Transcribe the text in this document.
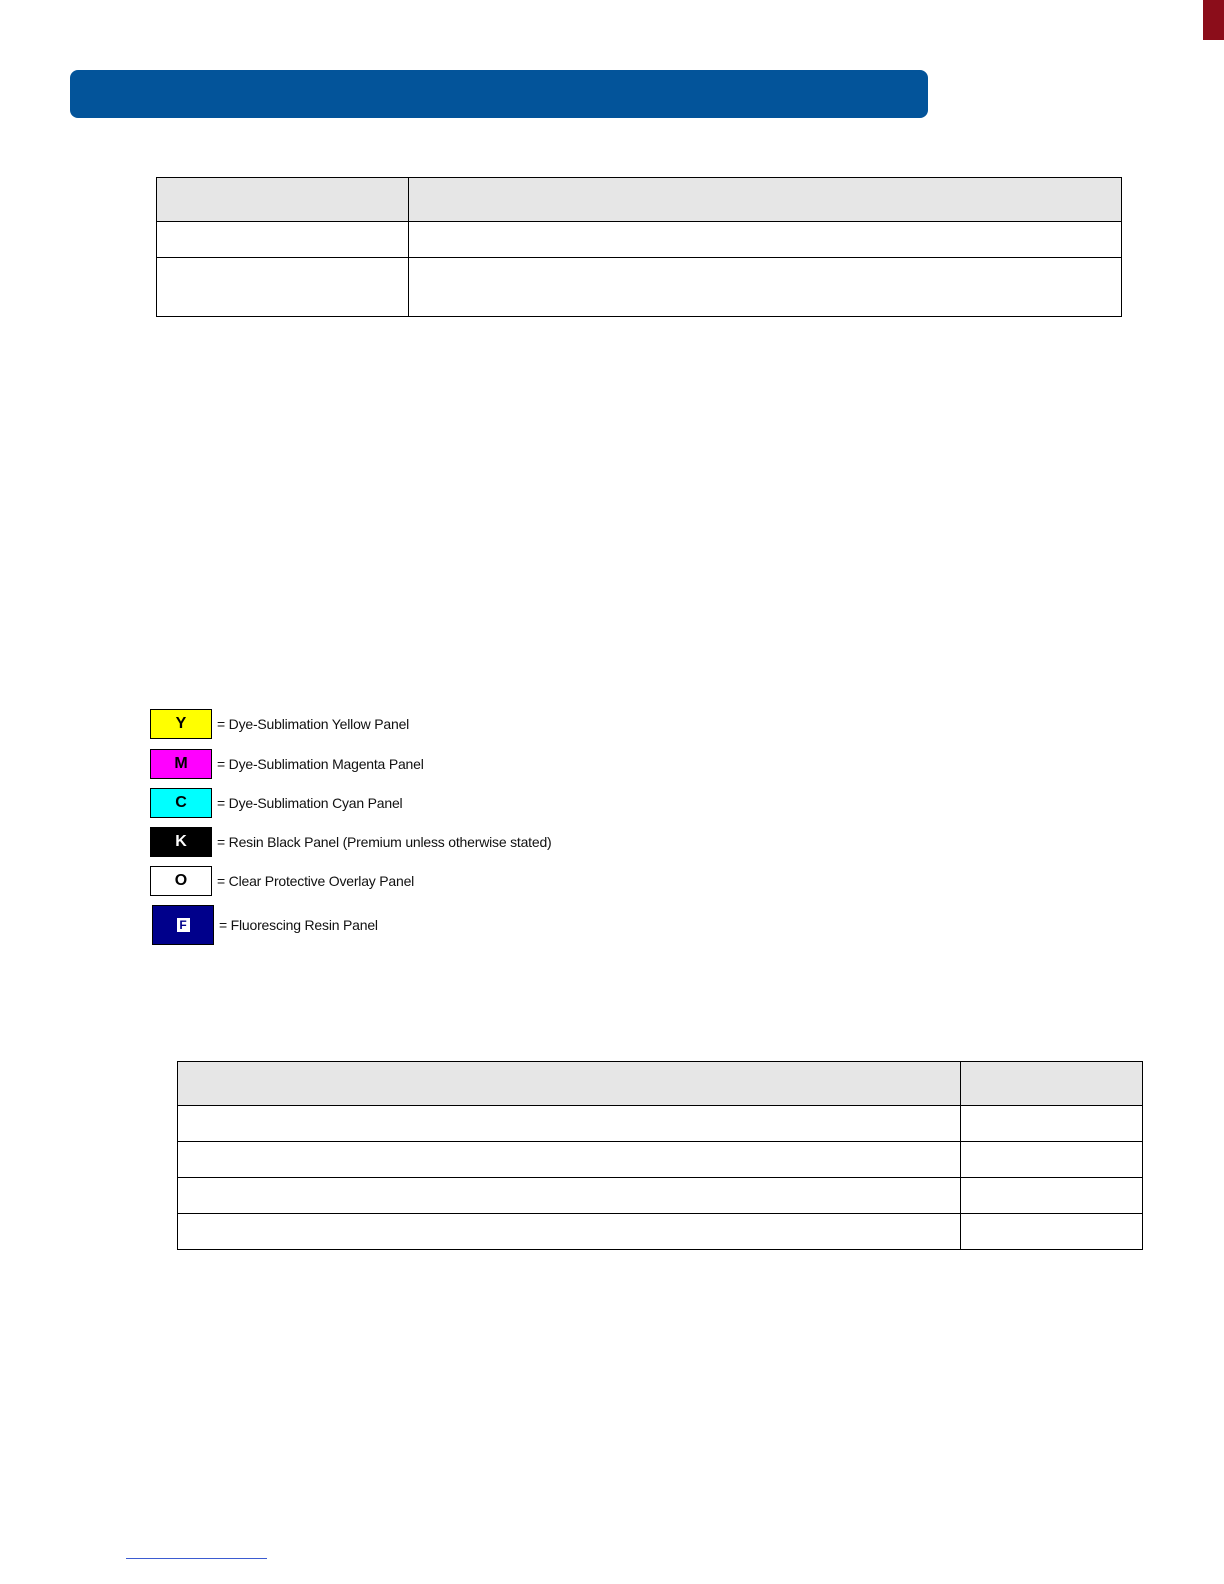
Y	= Dye-Sublimation Yellow Panel
M	= Dye-Sublimation Magenta Panel
C	= Dye-Sublimation Cyan Panel
K	= Resin Black Panel (Premium unless otherwise stated)
O	= Clear Protective Overlay Panel
F = Fluorescing Resin Panel
